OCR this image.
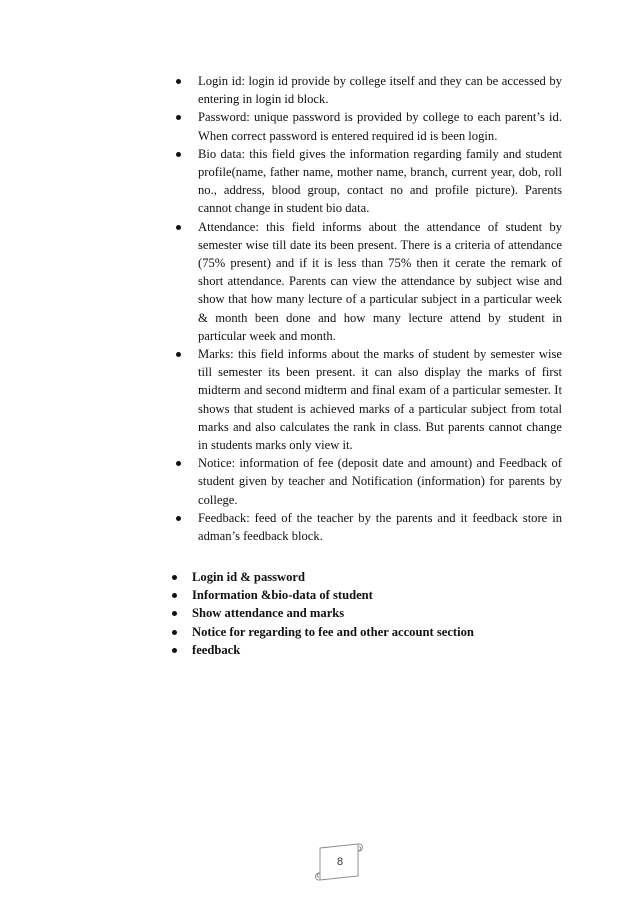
Login id: login id provide by college itself and they can be accessed by entering in login id block.
Password: unique password is provided by college to each parent’s id. When correct password is entered required id is been login.
Bio data: this field gives the information regarding family and student profile(name, father name, mother name, branch, current year, dob, roll no., address, blood group, contact no and profile picture). Parents cannot change in student bio data.
Attendance: this field informs about the attendance of student by semester wise till date its been present. There is a criteria of attendance (75% present) and if it is less than 75% then it cerate the remark of short attendance. Parents can view the attendance by subject wise and show that how many lecture of a particular subject in a particular week & month been done and how many lecture attend by student in particular week and month.
Marks: this field informs about the marks of student by semester wise till semester its been present. it can also display the marks of first midterm and second midterm and final exam of a particular semester. It shows that student is achieved marks of a particular subject from total marks and also calculates the rank in class. But parents cannot change in students marks only view it.
Notice: information of fee (deposit date and amount) and Feedback of student given by teacher and Notification (information) for parents by college.
Feedback: feed of the teacher by the parents and it feedback store in adman’s feedback block.
Login id & password
Information &bio-data of student
Show attendance and marks
Notice for regarding to fee and other account section
feedback
8
